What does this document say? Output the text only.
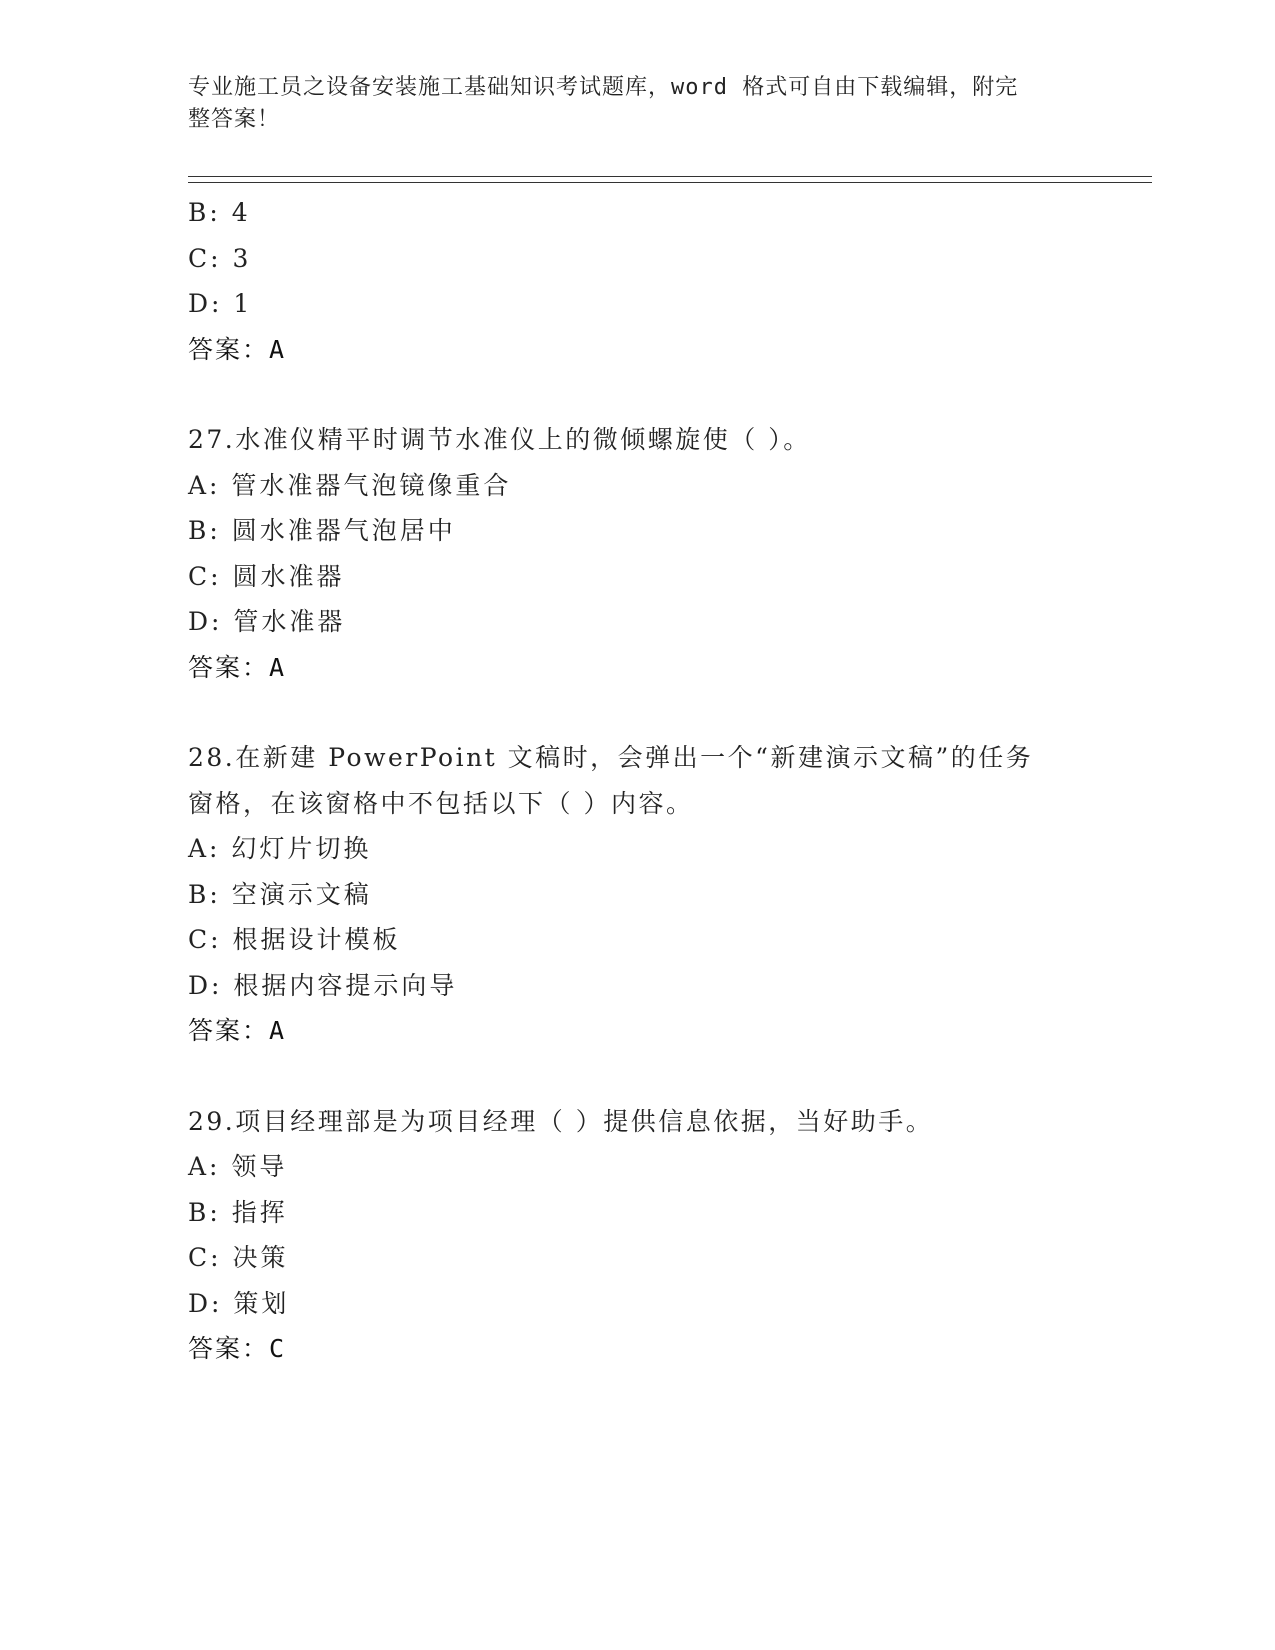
专业施工员之设备安装施工基础知识考试题库，word 格式可自由下载编辑，附完
整答案！
B: 4
C: 3
D: 1
答案：A
27.水准仪精平时调节水准仪上的微倾螺旋使（ ）。
A: 管水准器气泡镜像重合
B: 圆水准器气泡居中
C: 圆水准器
D: 管水准器
答案：A
28.在新建 PowerPoint 文稿时，会弹出一个“新建演示文稿”的任务
窗格，在该窗格中不包括以下（ ）内容。
A: 幻灯片切换
B: 空演示文稿
C: 根据设计模板
D: 根据内容提示向导
答案：A
29.项目经理部是为项目经理（ ）提供信息依据，当好助手。
A: 领导
B: 指挥
C: 决策
D: 策划
答案：C
